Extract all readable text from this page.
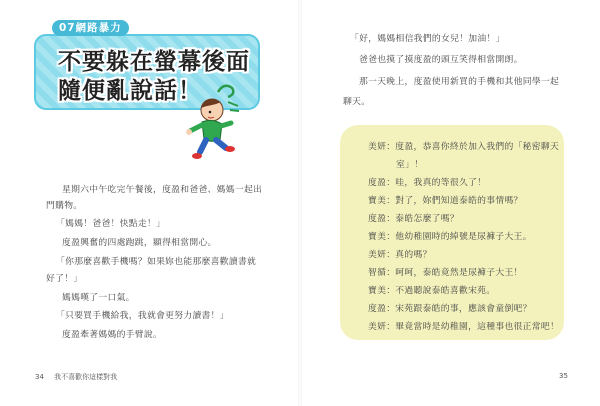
07網路暴力
不要躲在螢幕後面
隨便亂說話！
星期六中午吃完午餐後，度盈和爸爸、媽媽一起出
門購物。
「媽媽！爸爸！快點走！」
度盈興奮的四處跑跳，顯得相當開心。
「你那麼喜歡手機嗎？如果妳也能那麼喜歡讀書就
好了！」
媽媽嘆了一口氣。
「只要買手機給我，我就會更努力讀書！」
度盈牽著媽媽的手臂說。
「好，媽媽相信我們的女兒！加油！」
爸爸也摸了摸度盈的頭互笑得相當開朗。
那一天晚上，度盈使用新買的手機和其他同學一起
聊天。
美妍：度盈，恭喜你終於加入我們的「秘密聊天
室」！
度盈：哇，我真的等很久了！
寶美：對了，妳們知道泰皓的事情嗎？
度盈：泰皓怎麼了嗎？
寶美：他幼稚園時的綽號是尿褲子大王。
美妍：真的嗎？
智循：呵呵，泰皓竟然是尿褲子大王！
寶美：不過聽說泰皓喜歡宋苑。
度盈：宋苑跟泰皓的事，應該會童倒吧？
美妍：畢竟當時是幼稚園，這種事也很正常吧！
34 我不喜歡你這樣對我	35
